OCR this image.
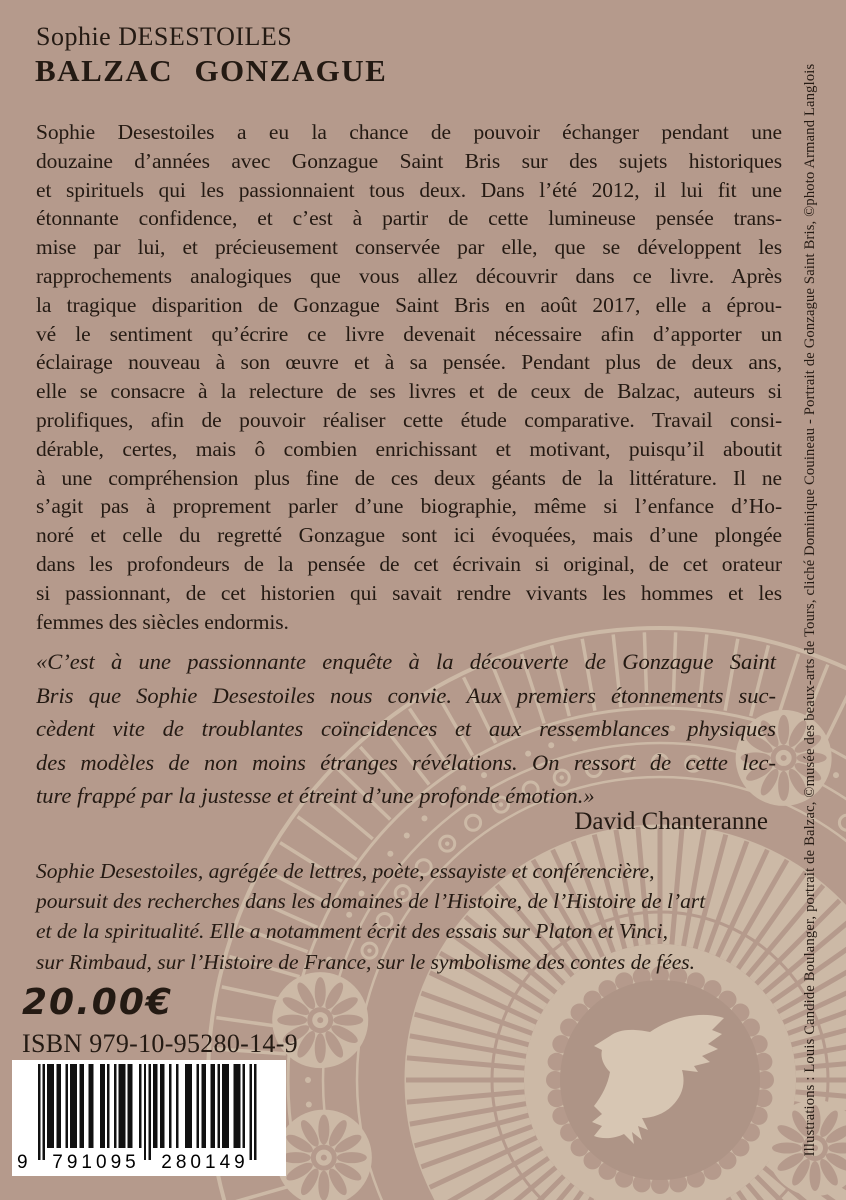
Sophie DESESTOILES
BALZAC GONZAGUE
Sophie Desestoiles a eu la chance de pouvoir échanger pendant une
douzaine d’années avec Gonzague Saint Bris sur des sujets historiques
et spirituels qui les passionnaient tous deux. Dans l’été 2012, il lui fit une
étonnante confidence, et c’est à partir de cette lumineuse pensée trans-
mise par lui, et précieusement conservée par elle, que se développent les
rapprochements analogiques que vous allez découvrir dans ce livre. Après
la tragique disparition de Gonzague Saint Bris en août 2017, elle a éprou-
vé le sentiment qu’écrire ce livre devenait nécessaire afin d’apporter un
éclairage nouveau à son œuvre et à sa pensée. Pendant plus de deux ans,
elle se consacre à la relecture de ses livres et de ceux de Balzac, auteurs si
prolifiques, afin de pouvoir réaliser cette étude comparative. Travail consi-
dérable, certes, mais ô combien enrichissant et motivant, puisqu’il aboutit
à une compréhension plus fine de ces deux géants de la littérature. Il ne
s’agit pas à proprement parler d’une biographie, même si l’enfance d’Ho-
noré et celle du regretté Gonzague sont ici évoquées, mais d’une plongée
dans les profondeurs de la pensée de cet écrivain si original, de cet orateur
si passionnant, de cet historien qui savait rendre vivants les hommes et les
femmes des siècles endormis.
«C’est à une passionnante enquête à la découverte de Gonzague Saint
Bris que Sophie Desestoiles nous convie. Aux premiers étonnements suc-
cèdent vite de troublantes coïncidences et aux ressemblances physiques
des modèles de non moins étranges révélations. On ressort de cette lec-
ture frappé par la justesse et étreint d’une profonde émotion.»
David Chanteranne
Sophie Desestoiles, agrégée de lettres, poète, essayiste et conférencière,
poursuit des recherches dans les domaines de l’Histoire, de l’Histoire de l’art
et de la spiritualité. Elle a notamment écrit des essais sur Platon et Vinci,
sur Rimbaud, sur l’Histoire de France, sur le symbolisme des contes de fées.
20.00€
ISBN 979-10-95280-14-9
9 791095 280149
Illustrations : Louis Candide Boulanger, portrait de Balzac, ©musée des beaux-arts de Tours, cliché Dominique Couineau - Portrait de Gonzague Saint Bris, ©photo Armand Langlois
